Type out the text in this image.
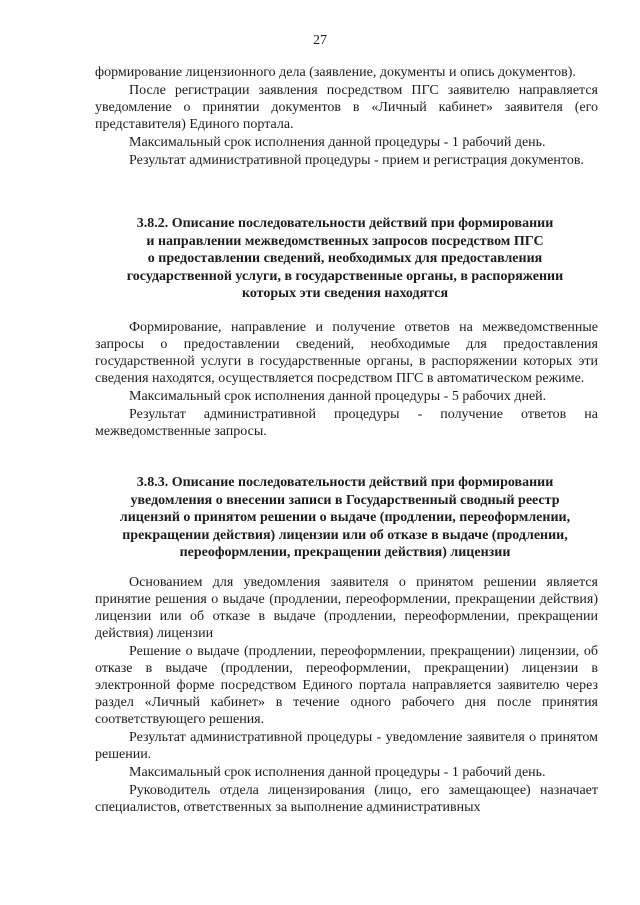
27

формирование лицензионного дела (заявление, документы и опись документов).

После регистрации заявления посредством ПГС заявителю направляется уведомление о принятии документов в «Личный кабинет» заявителя (его представителя) Единого портала.

Максимальный срок исполнения данной процедуры - 1 рабочий день.

Результат административной процедуры - прием и регистрация документов.

3.8.2. Описание последовательности действий при формировании
и направлении межведомственных запросов посредством ПГС
о предоставлении сведений, необходимых для предоставления
государственной услуги, в государственные органы, в распоряжении
которых эти сведения находятся

Формирование, направление и получение ответов на межведомственные запросы о предоставлении сведений, необходимые для предоставления государственной услуги в государственные органы, в распоряжении которых эти сведения находятся, осуществляется посредством ПГС в автоматическом режиме.

Максимальный срок исполнения данной процедуры - 5 рабочих дней.

Результат административной процедуры - получение ответов на межведомственные запросы.

3.8.3. Описание последовательности действий при формировании
уведомления о внесении записи в Государственный сводный реестр
лицензий о принятом решении о выдаче (продлении, переоформлении,
прекращении действия) лицензии или об отказе в выдаче (продлении,
переоформлении, прекращении действия) лицензии

Основанием для уведомления заявителя о принятом решении является принятие решения о выдаче (продлении, переоформлении, прекращении действия) лицензии или об отказе в выдаче (продлении, переоформлении, прекращении действия) лицензии

Решение о выдаче (продлении, переоформлении, прекращении) лицензии, об отказе в выдаче (продлении, переоформлении, прекращении) лицензии в электронной форме посредством Единого портала направляется заявителю через раздел «Личный кабинет» в течение одного рабочего дня после принятия соответствующего решения.

Результат административной процедуры - уведомление заявителя о принятом решении.

Максимальный срок исполнения данной процедуры - 1 рабочий день.

Руководитель отдела лицензирования (лицо, его замещающее) назначает специалистов, ответственных за выполнение административных
